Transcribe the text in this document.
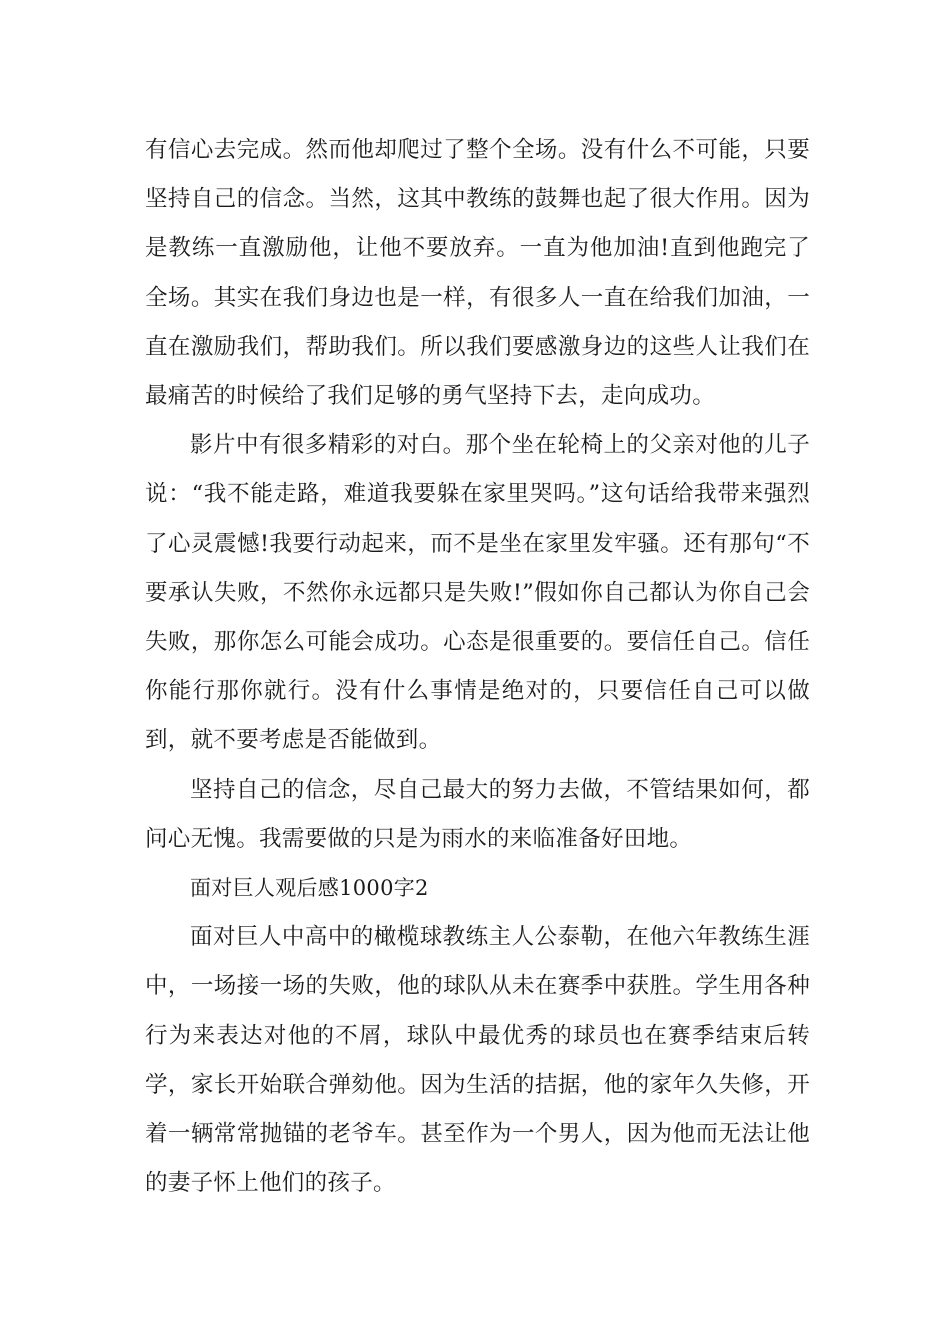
有信心去完成。然而他却爬过了整个全场。没有什么不可能，只要坚持自己的信念。当然，这其中教练的鼓舞也起了很大作用。因为是教练一直激励他，让他不要放弃。一直为他加油!直到他跑完了全场。其实在我们身边也是一样，有很多人一直在给我们加油，一直在激励我们，帮助我们。所以我们要感激身边的这些人让我们在最痛苦的时候给了我们足够的勇气坚持下去，走向成功。

影片中有很多精彩的对白。那个坐在轮椅上的父亲对他的儿子说：“我不能走路，难道我要躲在家里哭吗。”这句话给我带来强烈了心灵震憾!我要行动起来，而不是坐在家里发牢骚。还有那句“不要承认失败，不然你永远都只是失败!”假如你自己都认为你自己会失败，那你怎么可能会成功。心态是很重要的。要信任自己。信任你能行那你就行。没有什么事情是绝对的，只要信任自己可以做到，就不要考虑是否能做到。

坚持自己的信念，尽自己最大的努力去做，不管结果如何，都问心无愧。我需要做的只是为雨水的来临准备好田地。

面对巨人观后感1000字2

面对巨人中高中的橄榄球教练主人公泰勒，在他六年教练生涯中，一场接一场的失败，他的球队从未在赛季中获胜。学生用各种行为来表达对他的不屑，球队中最优秀的球员也在赛季结束后转学，家长开始联合弹劾他。因为生活的拮据，他的家年久失修，开着一辆常常抛锚的老爷车。甚至作为一个男人，因为他而无法让他的妻子怀上他们的孩子。
